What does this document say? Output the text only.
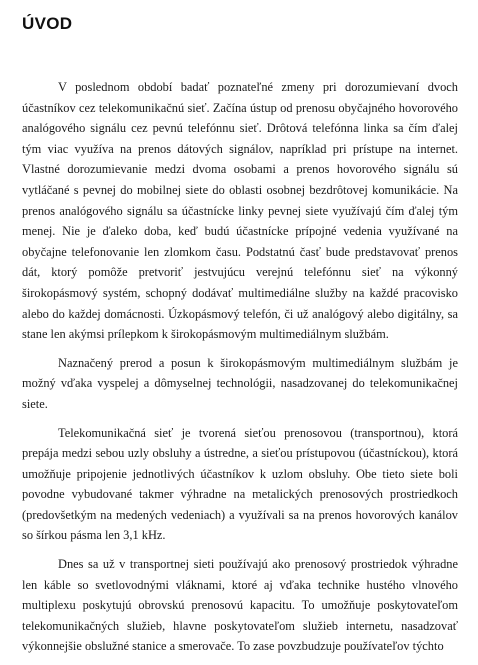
ÚVOD

V poslednom období badať poznateľné zmeny pri dorozumievaní dvoch účastníkov cez telekomunikačnú sieť. Začína ústup od prenosu obyčajného hovorového analógového signálu cez pevnú telefónnu sieť. Drôtová telefónna linka sa čím ďalej tým viac využíva na prenos dátových signálov, napríklad pri prístupe na internet. Vlastné dorozumievanie medzi dvoma osobami a prenos hovorového signálu sú vytláčané s pevnej do mobilnej siete do oblasti osobnej bezdrôtovej komunikácie. Na prenos analógového signálu sa účastnícke linky pevnej siete využívajú čím ďalej tým menej. Nie je ďaleko doba, keď budú účastnícke prípojné vedenia využívané na obyčajne telefonovanie len zlomkom času. Podstatnú časť bude predstavovať prenos dát, ktorý pomôže pretvoriť jestvujúcu verejnú telefónnu sieť na výkonný širokopásmový systém, schopný dodávať multimediálne služby na každé pracovisko alebo do každej domácnosti. Úzkopásmový telefón, či už analógový alebo digitálny, sa stane len akýmsi prílepkom k širokopásmovým multimediálnym službám.

Naznačený prerod a posun k širokopásmovým multimediálnym službám je možný vďaka vyspelej a dômyselnej technológii, nasadzovanej do telekomunikačnej siete.

Telekomunikačná sieť je tvorená sieťou prenosovou (transportnou), ktorá prepája medzi sebou uzly obsluhy a ústredne, a sieťou prístupovou (účastníckou), ktorá umožňuje pripojenie jednotlivých účastníkov k uzlom obsluhy. Obe tieto siete boli povodne vybudované takmer výhradne na metalických prenosových prostriedkoch (predovšetkým na medených vedeniach) a využívali sa na prenos hovorových kanálov so šírkou pásma len 3,1 kHz.

Dnes sa už v transportnej sieti používajú ako prenosový prostriedok výhradne len káble so svetlovodnými vláknami, ktoré aj vďaka technike hustého vlnového multiplexu poskytujú obrovskú prenosovú kapacitu. To umožňuje poskytovateľom telekomunikačných služieb, hlavne poskytovateľom služieb internetu, nasadzovať výkonnejšie obslužné stanice a smerovače. To zase povzbudzuje používateľov týchto
